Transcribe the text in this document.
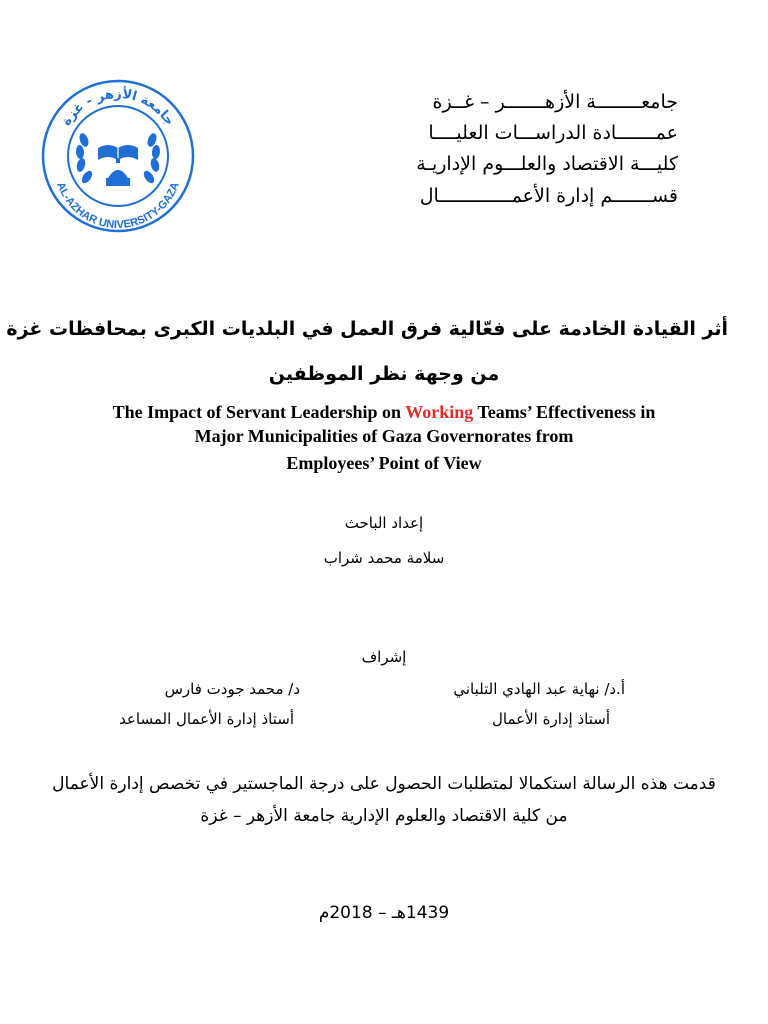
جامعة الأزهر - غزة
AL-AZHAR UNIVERSITY-GAZA
جامعــــــــة الأزهـــــــر – غــزة
عمـــــــادة الدراســـات العليــــا
كليـــة الاقتصاد والعلـــوم الإداريـة
قســـــــم إدارة الأعمـــــــــــــال
أثر القيادة الخادمة على فعّالية فرق العمل في البلديات الكبرى بمحافظات غزة
من وجهة نظر الموظفين
The Impact of Servant Leadership on Working Teams’ Effectiveness in
Major Municipalities of Gaza Governorates from
Employees’ Point of View
إعداد الباحث
سلامة محمد شراب
إشراف
أ.د/ نهاية عبد الهادي التلباني
أستاذ إدارة الأعمال
د/ محمد جودت فارس
أستاذ إدارة الأعمال المساعد
قدمت هذه الرسالة استكمالا لمتطلبات الحصول على درجة الماجستير في تخصص إدارة الأعمال
من كلية الاقتصاد والعلوم الإدارية جامعة الأزهر – غزة
1439هـ – 2018م
